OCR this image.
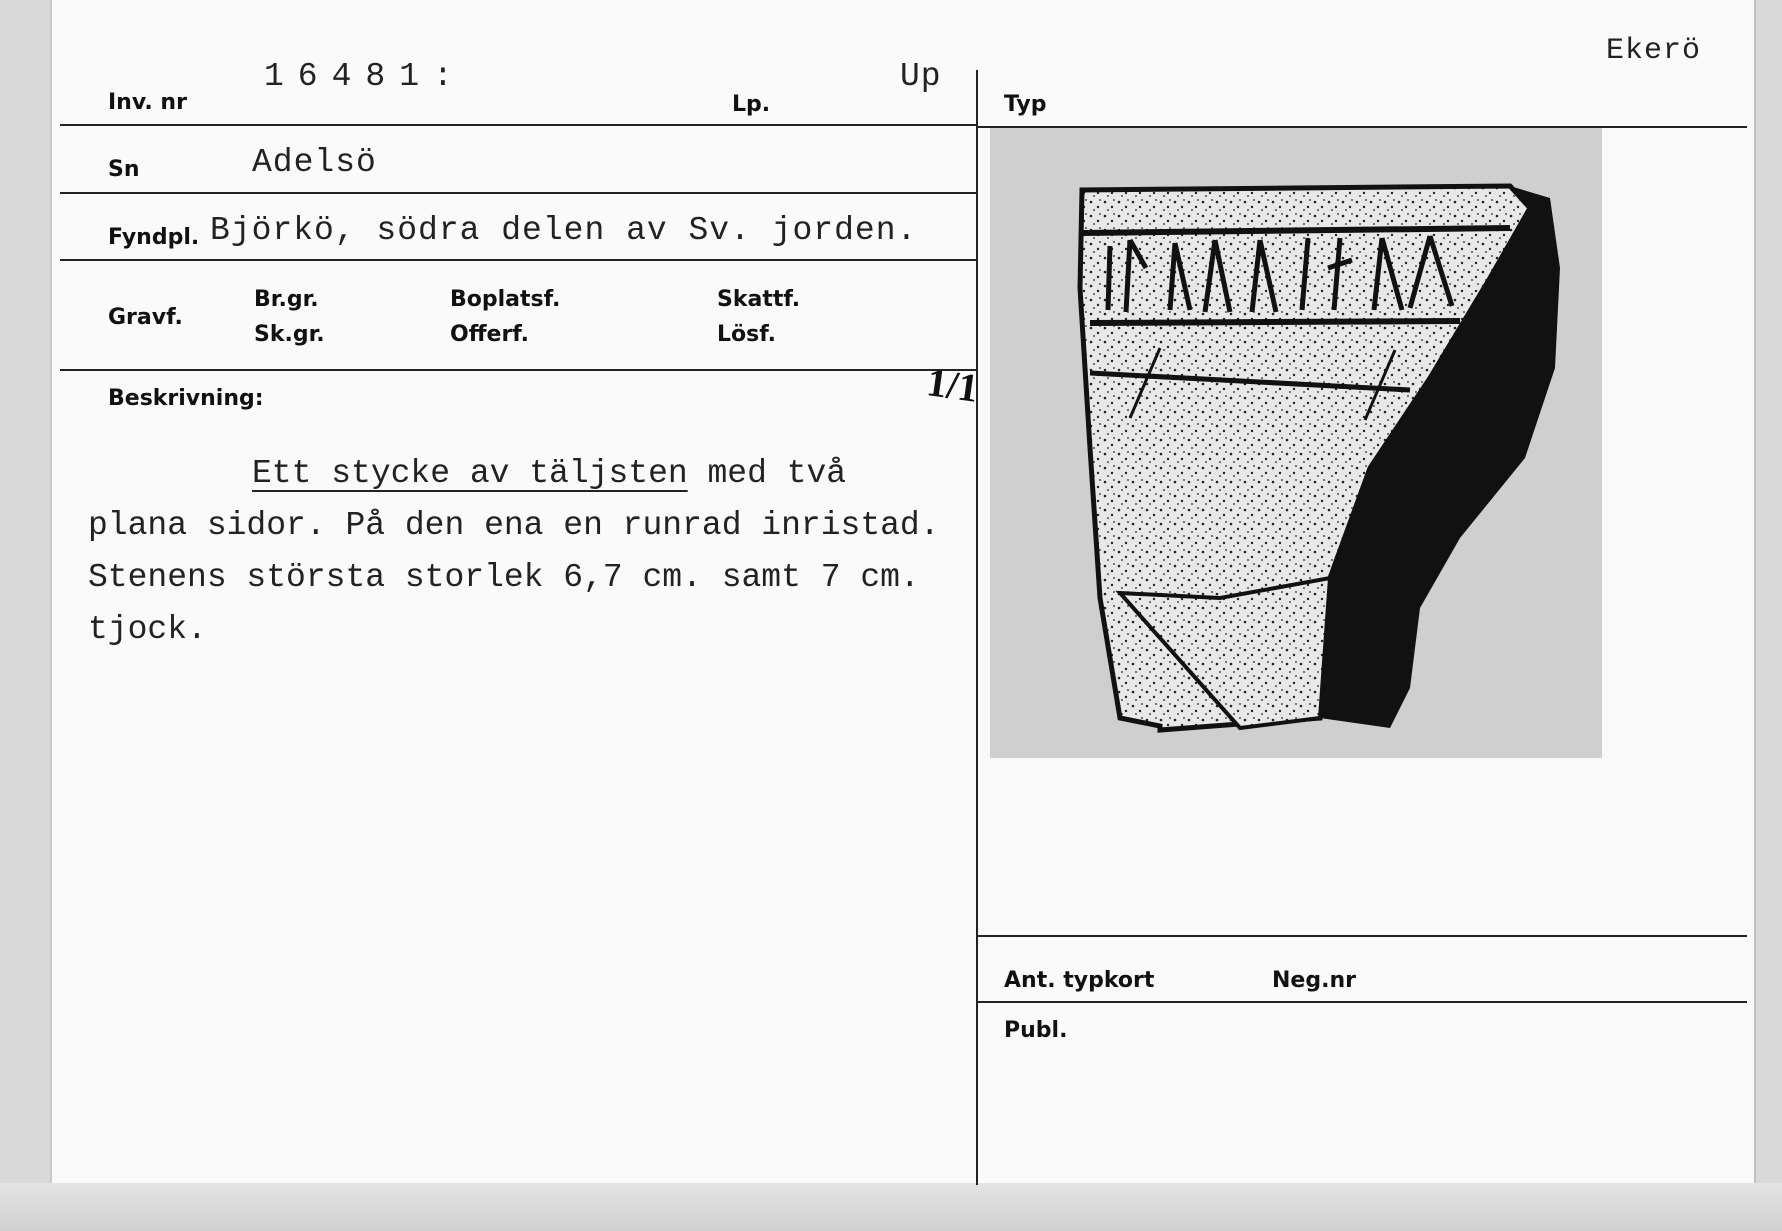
Inv. nr
16481:
Lp.
Up
Typ
Ekerö
Sn	Adelsö
Fyndpl. Björkö, södra delen av Sv. jorden.
Gravf.
Br.gr.
Sk.gr.
Boplatsf.
Offerf.
Skattf.
Lösf.
Beskrivning:
Ett stycke av täljsten med två
plana sidor. På den ena en runrad inristad.
Stenens största storlek 6,7 cm. samt 7 cm.
tjock.
1/1
Ant. typkort	Neg.nr
Publ.
